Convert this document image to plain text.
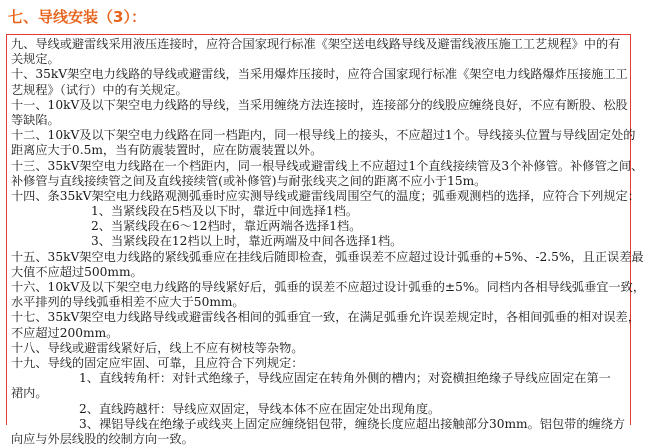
七、导线安装（3）：
九、导线或避雷线采用液压连接时，应符合国家现行标准《架空送电线路导线及避雷线液压施工工艺规程》中的有
关规定。
十、35kV架空电力线路的导线或避雷线，当采用爆炸压接时，应符合国家现行标准《架空电力线路爆炸压接施工工
艺规程》（试行）中的有关规定。
十一、10kV及以下架空电力线路的导线，当采用缠绕方法连接时，连接部分的线股应缠绕良好，不应有断股、松股
等缺陷。
十二、10kV及以下架空电力线路在同一档距内，同一根导线上的接头，不应超过1个。导线接头位置与导线固定处的
距离应大于0.5m，当有防震装置时，应在防震装置以外。
十三、35kV架空电力线路在一个档距内，同一根导线或避雷线上不应超过1个直线接续管及3个补修管。补修管之间、
补修管与直线接续管之间及直线接续管(或补修管)与耐张线夹之间的距离不应小于15m。
十四、条35kV架空电力线路观测弧垂时应实测导线或避雷线周围空气的温度；弧垂观测档的选择，应符合下列规定：
1、当紧线段在5档及以下时，靠近中间选择1档。
2、当紧线段在6～12档时，靠近两端各选择1档。
3、当紧线段在12档以上时，靠近两端及中间各选择1档。
十五、35kV架空电力线路的紧线弧垂应在挂线后随即检查，弧垂误差不应超过设计弧垂的+5%、-2.5%，且正误差最
大值不应超过500mm。
十六、10kV及以下架空电力线路的导线紧好后，弧垂的误差不应超过设计弧垂的±5%。同档内各相导线弧垂宜一致，
水平排列的导线弧垂相差不应大于50mm。
十七、35kV架空电力线路导线或避雷线各相间的弧垂宜一致，在满足弧垂允许误差规定时，各相间弧垂的相对误差，
不应超过200mm。
十八、导线或避雷线紧好后，线上不应有树枝等杂物。
十九、导线的固定应牢固、可靠，且应符合下列规定：
1、直线转角杆：对针式绝缘子，导线应固定在转角外侧的槽内；对瓷横担绝缘子导线应固定在第一
裙内。
2、直线跨越杆：导线应双固定，导线本体不应在固定处出现角度。
3、裸铝导线在绝缘子或线夹上固定应缠绕铝包带，缠绕长度应超出接触部分30mm。铝包带的缠绕方
向应与外层线股的绞制方向一致。
